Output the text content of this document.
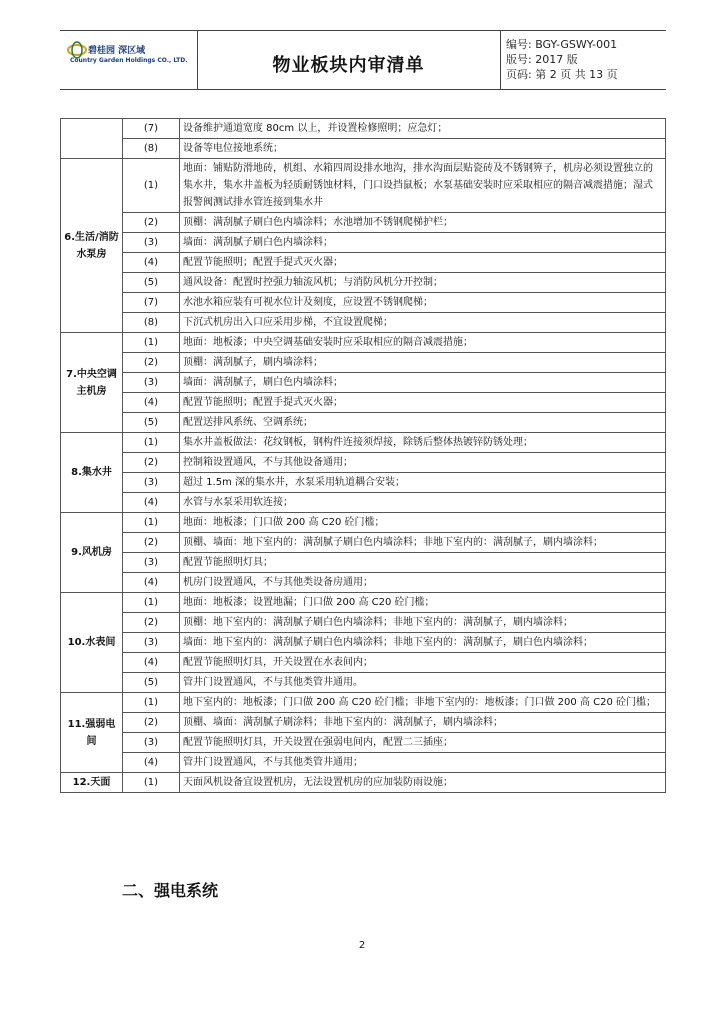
碧桂园 深区域
Country Garden Holdings CO., LTD.	物业板块内审清单
编号: BGY-GSWY-001
版号: 2017 版
页码: 第 2 页 共 13 页
	(7)	设备维护通道宽度 80cm 以上，并设置检修照明；应急灯；
	(8)	设备等电位接地系统；
6.生活/消防水泵房	(1)	地面：铺贴防滑地砖，机组、水箱四周设排水地沟，排水沟面层贴瓷砖及不锈钢箅子，机房必须设置独立的集水井，集水井盖板为轻质耐锈蚀材料，门口设挡鼠板；水泵基础安装时应采取相应的隔音减震措施；湿式报警阀测试排水管连接到集水井
	(2)	顶棚：满刮腻子刷白色内墙涂料；水池增加不锈钢爬梯护栏；
	(3)	墙面：满刮腻子刷白色内墙涂料；
	(4)	配置节能照明；配置手提式灭火器；
	(5)	通风设备：配置时控强力轴流风机；与消防风机分开控制；
	(7)	水池水箱应装有可视水位计及刻度，应设置不锈钢爬梯；
	(8)	下沉式机房出入口应采用步梯，不宜设置爬梯；
7.中央空调主机房	(1)	地面：地板漆；中央空调基础安装时应采取相应的隔音减震措施；
	(2)	顶棚：满刮腻子，刷内墙涂料；
	(3)	墙面：满刮腻子，刷白色内墙涂料；
	(4)	配置节能照明；配置手提式灭火器；
	(5)	配置送排风系统、空调系统；
8.集水井	(1)	集水井盖板做法：花纹钢板，钢构件连接须焊接，除锈后整体热镀锌防锈处理；
	(2)	控制箱设置通风，不与其他设备通用；
	(3)	超过 1.5m 深的集水井，水泵采用轨道耦合安装；
	(4)	水管与水泵采用软连接；
9.风机房	(1)	地面：地板漆；门口做 200 高 C20 砼门槛；
	(2)	顶棚、墙面：地下室内的：满刮腻子刷白色内墙涂料；非地下室内的：满刮腻子，刷内墙涂料；
	(3)	配置节能照明灯具；
	(4)	机房门设置通风，不与其他类设备房通用；
10.水表间	(1)	地面：地板漆；设置地漏；门口做 200 高 C20 砼门槛；
	(2)	顶棚：地下室内的：满刮腻子刷白色内墙涂料；非地下室内的：满刮腻子，刷内墙涂料；
	(3)	墙面：地下室内的：满刮腻子刷白色内墙涂料；非地下室内的：满刮腻子，刷白色内墙涂料；
	(4)	配置节能照明灯具，开关设置在水表间内；
	(5)	管井门设置通风，不与其他类管井通用。
11.强弱电间	(1)	地下室内的：地板漆；门口做 200 高 C20 砼门槛；非地下室内的：地板漆；门口做 200 高 C20 砼门槛；
	(2)	顶棚、墙面：满刮腻子刷涂料；非地下室内的：满刮腻子，刷内墙涂料；
	(3)	配置节能照明灯具，开关设置在强弱电间内，配置二三插座；
	(4)	管井门设置通风，不与其他类管井通用；
12.天面	(1)	天面风机设备宜设置机房，无法设置机房的应加装防雨设施；
二、强电系统
2
